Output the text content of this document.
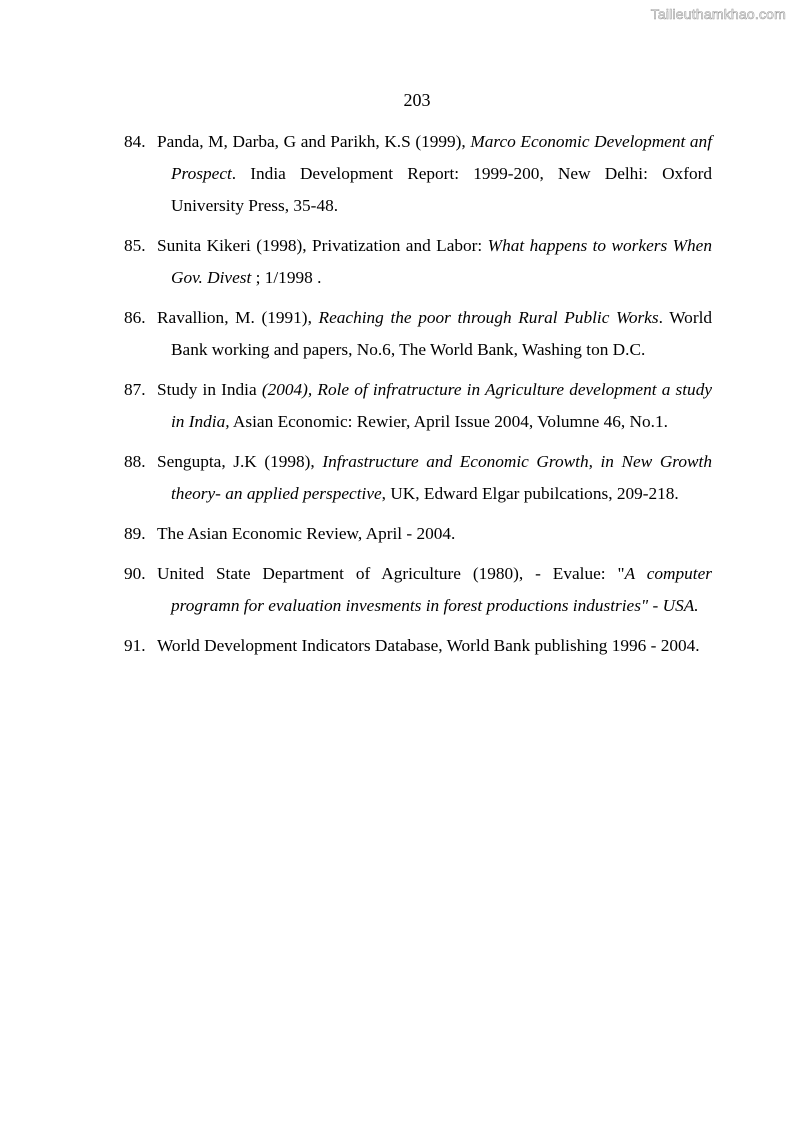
Tailieuthamkhao.com
203
84. Panda, M, Darba, G and Parikh, K.S (1999), Marco Economic Development anf Prospect. India Development Report: 1999-200, New Delhi: Oxford University Press, 35-48.
85. Sunita Kikeri (1998), Privatization and Labor: What happens to workers When Gov. Divest ; 1/1998 .
86. Ravallion, M. (1991), Reaching the poor through Rural Public Works. World Bank working and papers, No.6, The World Bank, Washing ton D.C.
87. Study in India (2004), Role of infratructure in Agriculture development a study in India, Asian Economic: Rewier, April Issue 2004, Volumne 46, No.1.
88. Sengupta, J.K (1998), Infrastructure and Economic Growth, in New Growth theory- an applied perspective, UK, Edward Elgar pubilcations, 209-218.
89. The Asian Economic Review, April - 2004.
90. United State Department of Agriculture (1980), - Evalue: "A computer programn for evaluation invesments in forest productions industries" - USA.
91. World Development Indicators Database, World Bank publishing 1996 - 2004.
